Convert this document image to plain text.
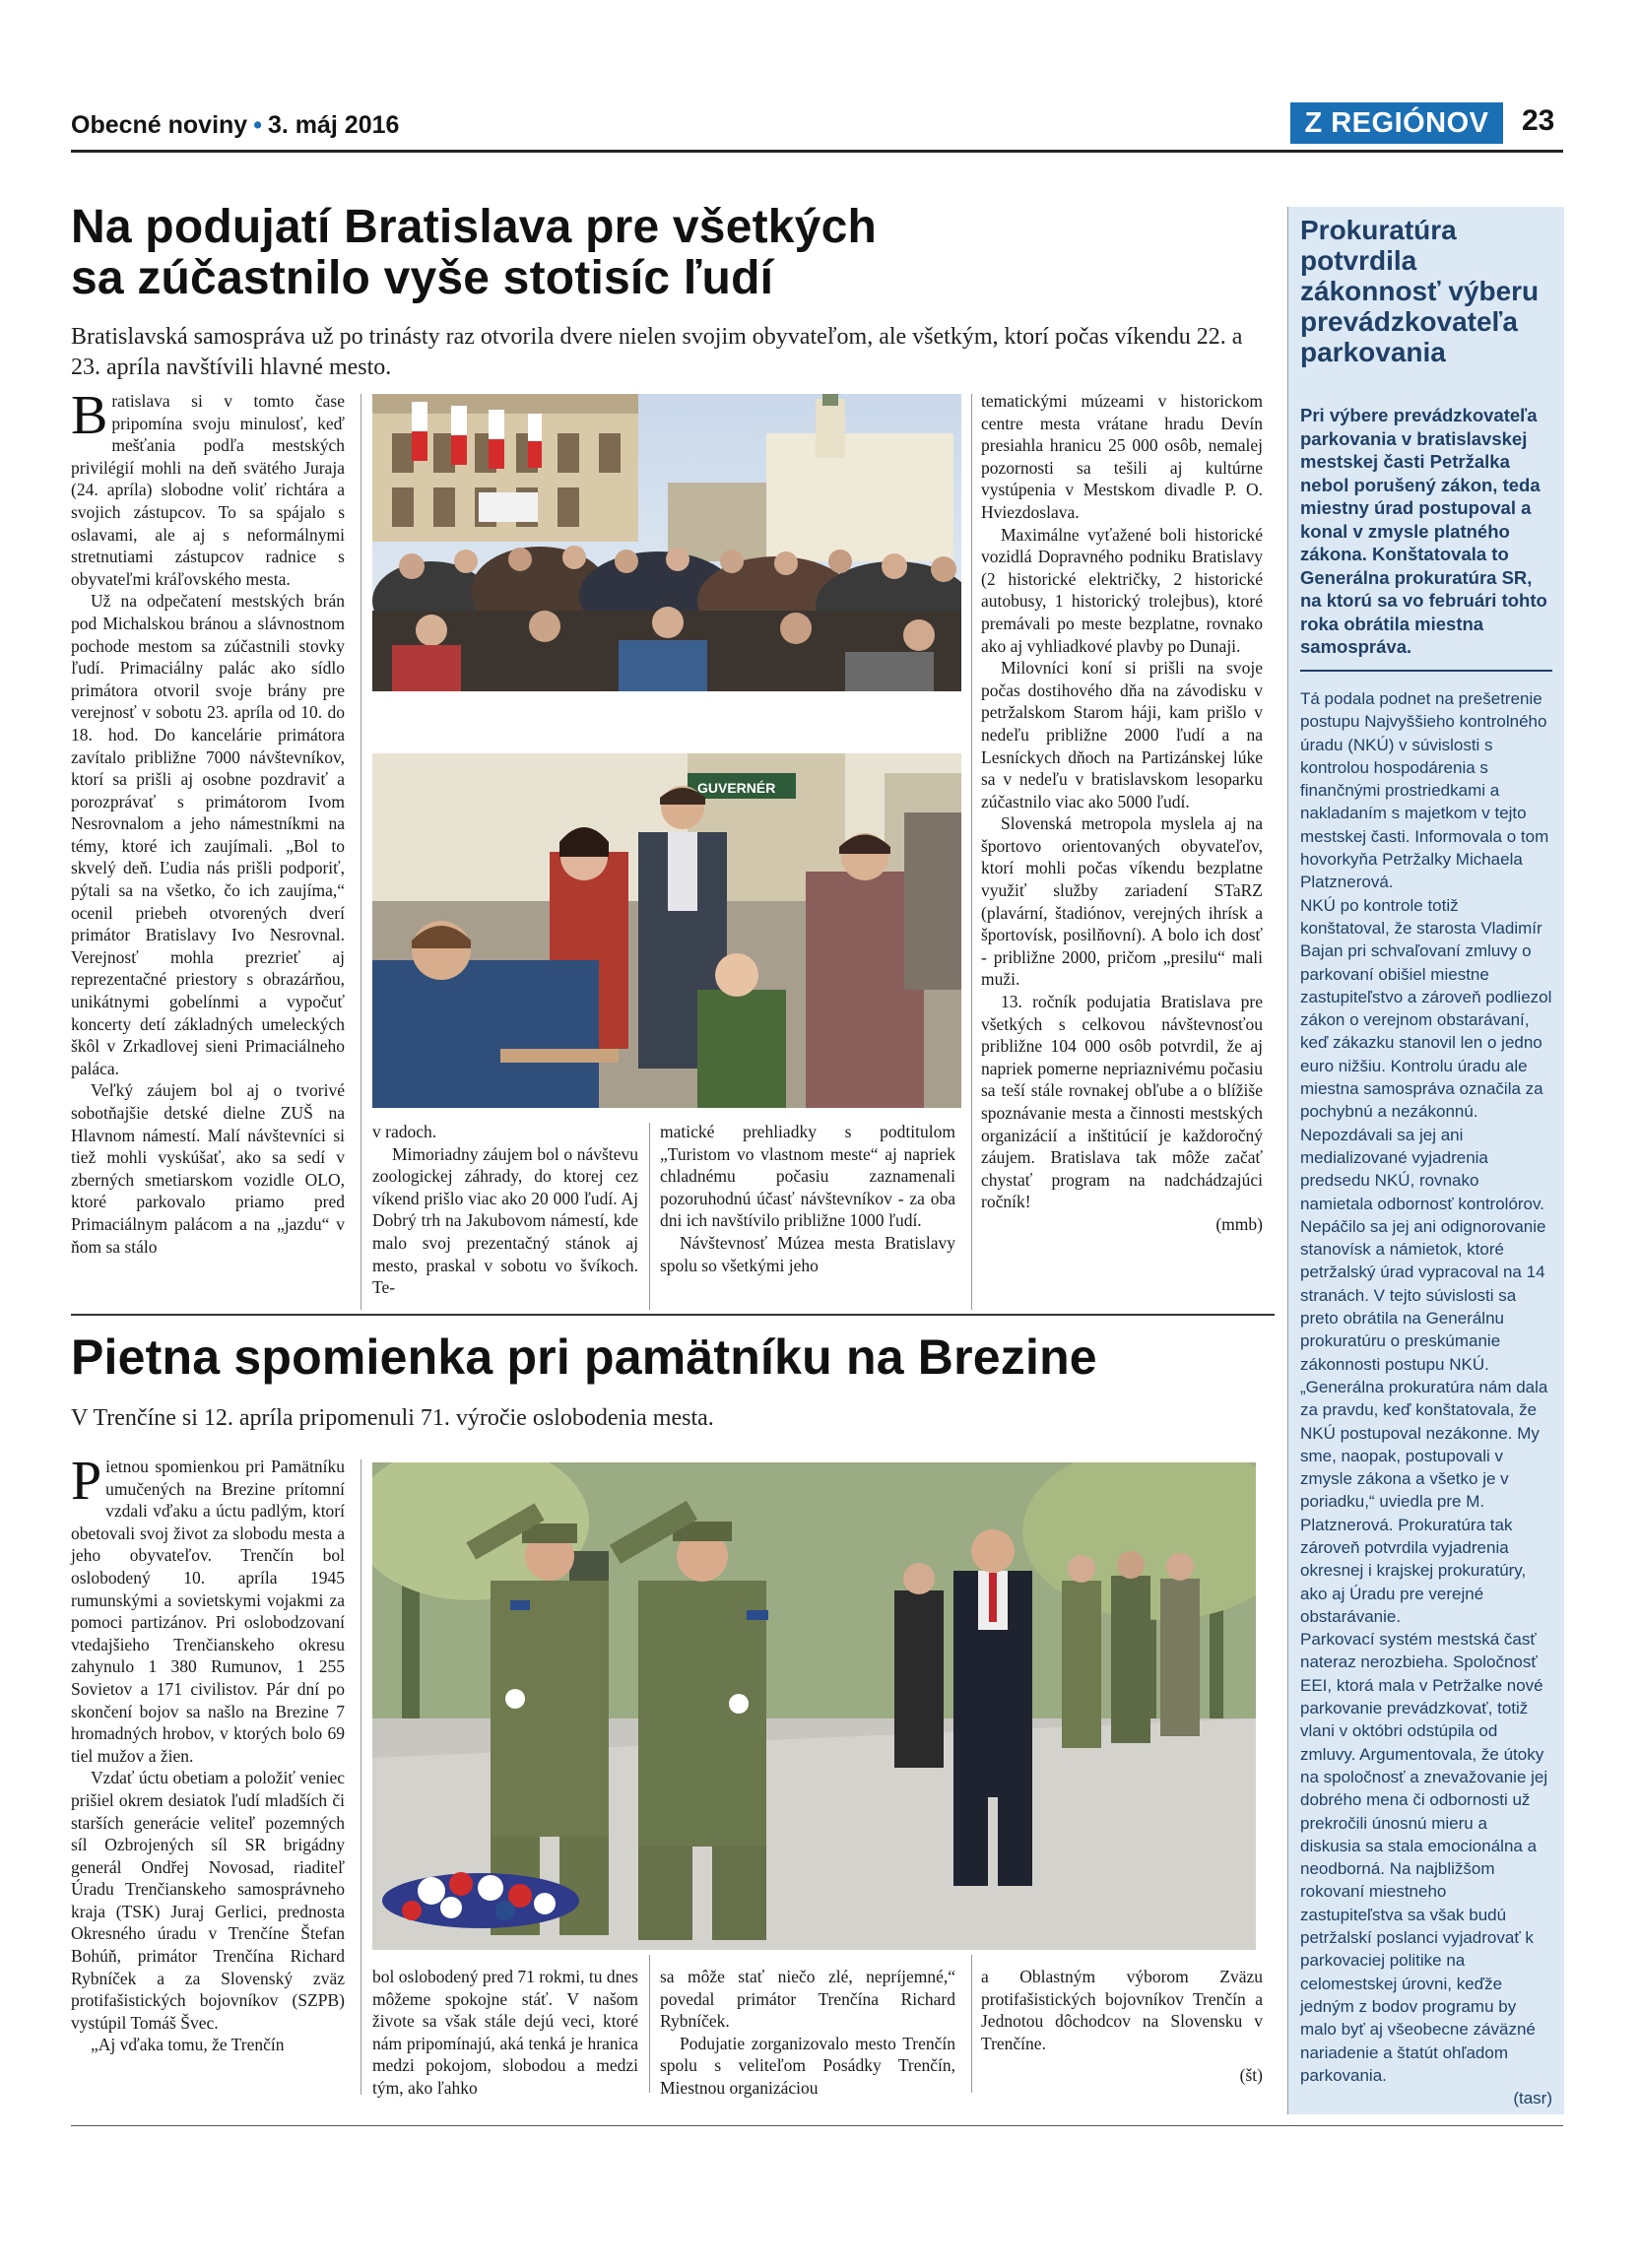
Obecné noviny • 3. máj 2016	Z REGIÓNOV	23
Na podujatí Bratislava pre všetkých
sa zúčastnilo vyše stotisíc ľudí
Bratislavská samospráva už po trinásty raz otvorila dvere nielen svojim obyvateľom, ale všetkým, ktorí počas víkendu 22. a 23. apríla navštívili hlavné mesto.

Bratislava si v tomto čase pripomína svoju minulosť, keď mešťania podľa mestských privilégií mohli na deň svätého Juraja (24. apríla) slobodne voliť richtára a svojich zástupcov. To sa spájalo s oslavami, ale aj s neformálnymi stretnutiami zástupcov radnice s obyvateľmi kráľovského mesta.

Už na odpečatení mestských brán pod Michalskou bránou a slávnostnom pochode mestom sa zúčastnili stovky ľudí. Primaciálny palác ako sídlo primátora otvoril svoje brány pre verejnosť v sobotu 23. apríla od 10. do 18. hod. Do kancelárie primátora zavítalo približne 7000 návštevníkov, ktorí sa prišli aj osobne pozdraviť a porozprávať s primátorom Ivom Nesrovnalom a jeho námestníkmi na témy, ktoré ich zaujímali. „Bol to skvelý deň. Ľudia nás prišli podporiť, pýtali sa na všetko, čo ich zaujíma,“ ocenil priebeh otvorených dverí primátor Bratislavy Ivo Nesrovnal. Verejnosť mohla prezrieť aj reprezentačné priestory s obrazárňou, unikátnymi gobelínmi a vypočuť koncerty detí základných umeleckých škôl v Zrkadlovej sieni Primaciálneho paláca.

Veľký záujem bol aj o tvorivé sobotňajšie detské dielne ZUŠ na Hlavnom námestí. Malí návštevníci si tiež mohli vyskúšať, ako sa sedí v zberných smetiarskom vozidle OLO, ktoré parkovalo priamo pred Primaciálnym palácom a na „jazdu“ v ňom sa stálo

GUVERNÉR

v radoch.

Mimoriadny záujem bol o návštevu zoologickej záhrady, do ktorej cez víkend prišlo viac ako 20 000 ľudí. Aj Dobrý trh na Jakubovom námestí, kde malo svoj prezentačný stánok aj mesto, praskal v sobotu vo švíkoch. Te-

matické prehliadky s podtitulom „Turistom vo vlastnom meste“ aj napriek chladnému počasiu zaznamenali pozoruhodnú účasť návštevníkov - za oba dni ich navštívilo približne 1000 ľudí.

Návštevnosť Múzea mesta Bratislavy spolu so všetkými jeho

tematickými múzeami v historickom centre mesta vrátane hradu Devín presiahla hranicu 25 000 osôb, nemalej pozornosti sa tešili aj kultúrne vystúpenia v Mestskom divadle P. O. Hviezdoslava.

Maximálne vyťažené boli historické vozidlá Dopravného podniku Bratislavy (2 historické električky, 2 historické autobusy, 1 historický trolejbus), ktoré premávali po meste bezplatne, rovnako ako aj vyhliadkové plavby po Dunaji.

Milovníci koní si prišli na svoje počas dostihového dňa na závodisku v petržalskom Starom háji, kam prišlo v nedeľu približne 2000 ľudí a na Lesníckych dňoch na Partizánskej lúke sa v nedeľu v bratislavskom lesoparku zúčastnilo viac ako 5000 ľudí.

Slovenská metropola myslela aj na športovo orientovaných obyvateľov, ktorí mohli počas víkendu bezplatne využiť služby zariadení STaRZ (plavární, štadiónov, verejných ihrísk a športovísk, posilňovní). A bolo ich dosť - približne 2000, pričom „presilu“ mali muži.

13. ročník podujatia Bratislava pre všetkých s celkovou návštevnosťou približne 104 000 osôb potvrdil, že aj napriek pomerne nepriaznivému počasiu sa teší stále rovnakej obľube a o blížiše spoznávanie mesta a činnosti mestských organizácií a inštitúcií je každoročný záujem. Bratislava tak môže začať chystať program na nadchádzajúci ročník!

(mmb)
Pietna spomienka pri pamätníku na Brezine
V Trenčíne si 12. apríla pripomenuli 71. výročie oslobodenia mesta.

Pietnou spomienkou pri Pamätníku umučených na Brezine prítomní vzdali vďaku a úctu padlým, ktorí obetovali svoj život za slobodu mesta a jeho obyvateľov. Trenčín bol oslobodený 10. apríla 1945 rumunskými a sovietskymi vojakmi za pomoci partizánov. Pri oslobodzovaní vtedajšieho Trenčianskeho okresu zahynulo 1 380 Rumunov, 1 255 Sovietov a 171 civilistov. Pár dní po skončení bojov sa našlo na Brezine 7 hromadných hrobov, v ktorých bolo 69 tiel mužov a žien.

Vzdať úctu obetiam a položiť veniec prišiel okrem desiatok ľudí mladších či starších generácie veliteľ pozemných síl Ozbrojených síl SR brigádny generál Ondřej Novosad, riaditeľ Úradu Trenčianskeho samosprávneho kraja (TSK) Juraj Gerlici, prednosta Okresného úradu v Trenčíne Štefan Bohúň, primátor Trenčína Richard Rybníček a za Slovenský zväz protifašistických bojovníkov (SZPB) vystúpil Tomáš Švec.

„Aj vďaka tomu, že Trenčín

bol oslobodený pred 71 rokmi, tu dnes môžeme spokojne stáť. V našom živote sa však stále dejú veci, ktoré nám pripomínajú, aká tenká je hranica medzi pokojom, slobodou a medzi tým, ako ľahko

sa môže stať niečo zlé, nepríjemné,“ povedal primátor Trenčína Richard Rybníček.

Podujatie zorganizovalo mesto Trenčín spolu s veliteľom Posádky Trenčín, Miestnou organizáciou

a Oblastným výborom Zväzu protifašistických bojovníkov Trenčín a Jednotou dôchodcov na Slovensku v Trenčíne.

(št)
Prokuratúra potvrdila zákonnosť výberu prevádzkovateľa parkovania
Pri výbere prevádzkovateľa parkovania v bratislavskej mestskej časti Petržalka nebol porušený zákon, teda miestny úrad postupoval a konal v zmysle platného zákona. Konštatovala to Generálna prokuratúra SR, na ktorú sa vo februári tohto roka obrátila miestna samospráva.

Tá podala podnet na prešetrenie postupu Najvyššieho kontrolného úradu (NKÚ) v súvislosti s kontrolou hospodárenia s finančnými prostriedkami a nakladaním s majetkom v tejto mestskej časti. Informovala o tom hovorkyňa Petržalky Michaela Platznerová.

NKÚ po kontrole totiž konštatoval, že starosta Vladimír Bajan pri schvaľovaní zmluvy o parkovaní obišiel miestne zastupiteľstvo a zároveň podliezol zákon o verejnom obstarávaní, keď zákazku stanovil len o jedno euro nižšiu. Kontrolu úradu ale miestna samospráva označila za pochybnú a nezákonnú.

Nepozdávali sa jej ani medializované vyjadrenia predsedu NKÚ, rovnako namietala odbornosť kontrolórov. Nepáčilo sa jej ani odignorovanie stanovísk a námietok, ktoré petržalský úrad vypracoval na 14 stranách. V tejto súvislosti sa preto obrátila na Generálnu prokuratúru o preskúmanie zákonnosti postupu NKÚ. „Generálna prokuratúra nám dala za pravdu, keď konštatovala, že NKÚ postupoval nezákonne. My sme, naopak, postupovali v zmysle zákona a všetko je v poriadku,“ uviedla pre M. Platznerová. Prokuratúra tak zároveň potvrdila vyjadrenia okresnej i krajskej prokuratúry, ako aj Úradu pre verejné obstarávanie.

Parkovací systém mestská časť nateraz nerozbieha. Spoločnosť EEI, ktorá mala v Petržalke nové parkovanie prevádzkovať, totiž vlani v októbri odstúpila od zmluvy. Argumentovala, že útoky na spoločnosť a znevažovanie jej dobrého mena či odbornosti už prekročili únosnú mieru a diskusia sa stala emocionálna a neodborná. Na najbližšom rokovaní miestneho zastupiteľstva sa však budú petržalskí poslanci vyjadrovať k parkovaciej politike na celomestskej úrovni, keďže jedným z bodov programu by malo byť aj všeobecne záväzné nariadenie a štatút ohľadom parkovania.

(tasr)
